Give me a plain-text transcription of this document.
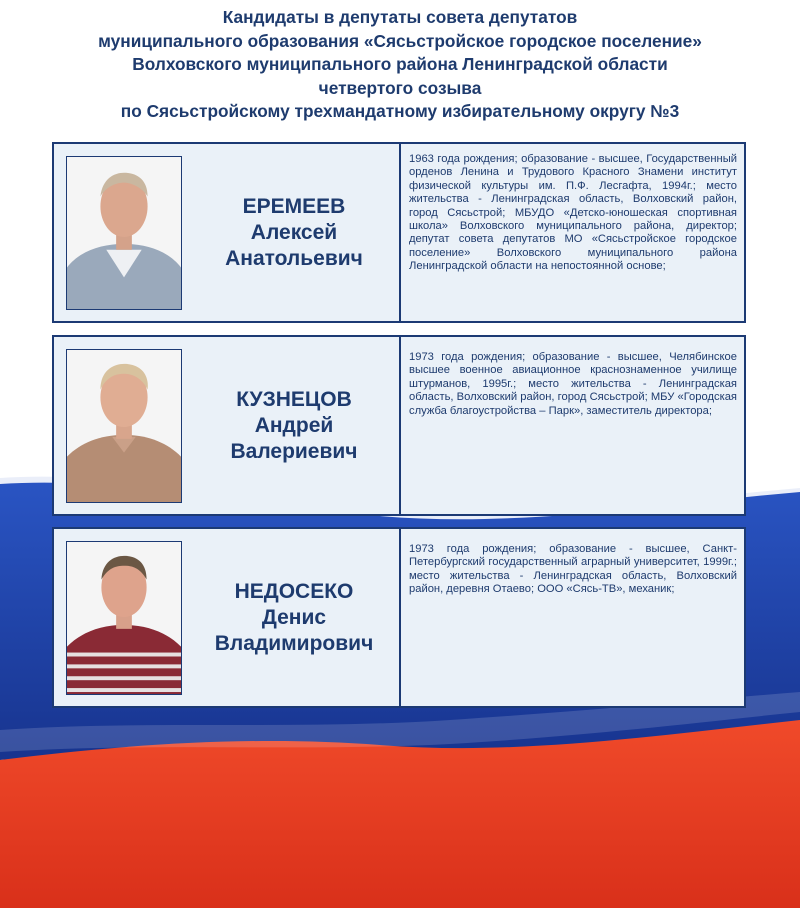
Кандидаты в депутаты совета депутатов
муниципального образования «Сясьстройское городское поселение»
Волховского муниципального района Ленинградской области
четвертого созыва
по Сясьстройскому трехмандатному избирательному округу №3
ЕРЕМЕЕВ
Алексей
Анатольевич
1963 года рождения; образование - высшее, Государственный орденов Ленина и Трудового Красного Знамени институт физической культуры им. П.Ф. Лесгафта, 1994г.; место жительства - Ленинградская область, Волховский район, город Сясьстрой; МБУДО «Детско-юношеская спортивная школа» Волховского муниципального района, директор; депутат совета депутатов МО «Сясьстройское городское поселение» Волховского муниципального района Ленинградской области на непостоянной основе;
КУЗНЕЦОВ
Андрей
Валериевич
1973 года рождения; образование - высшее, Челябинское высшее военное авиационное краснознаменное училище штурманов, 1995г.; место жительства - Ленинградская область, Волховский район, город Сясьстрой; МБУ «Городская служба благоустройства – Парк», заместитель директора;
НЕДОСЕКО
Денис
Владимирович
1973 года рождения; образование - высшее, Санкт-Петербургский государственный аграрный университет, 1999г.; место жительства - Ленинградская область, Волховский район, деревня Отаево; ООО «Сясь-ТВ», механик;
